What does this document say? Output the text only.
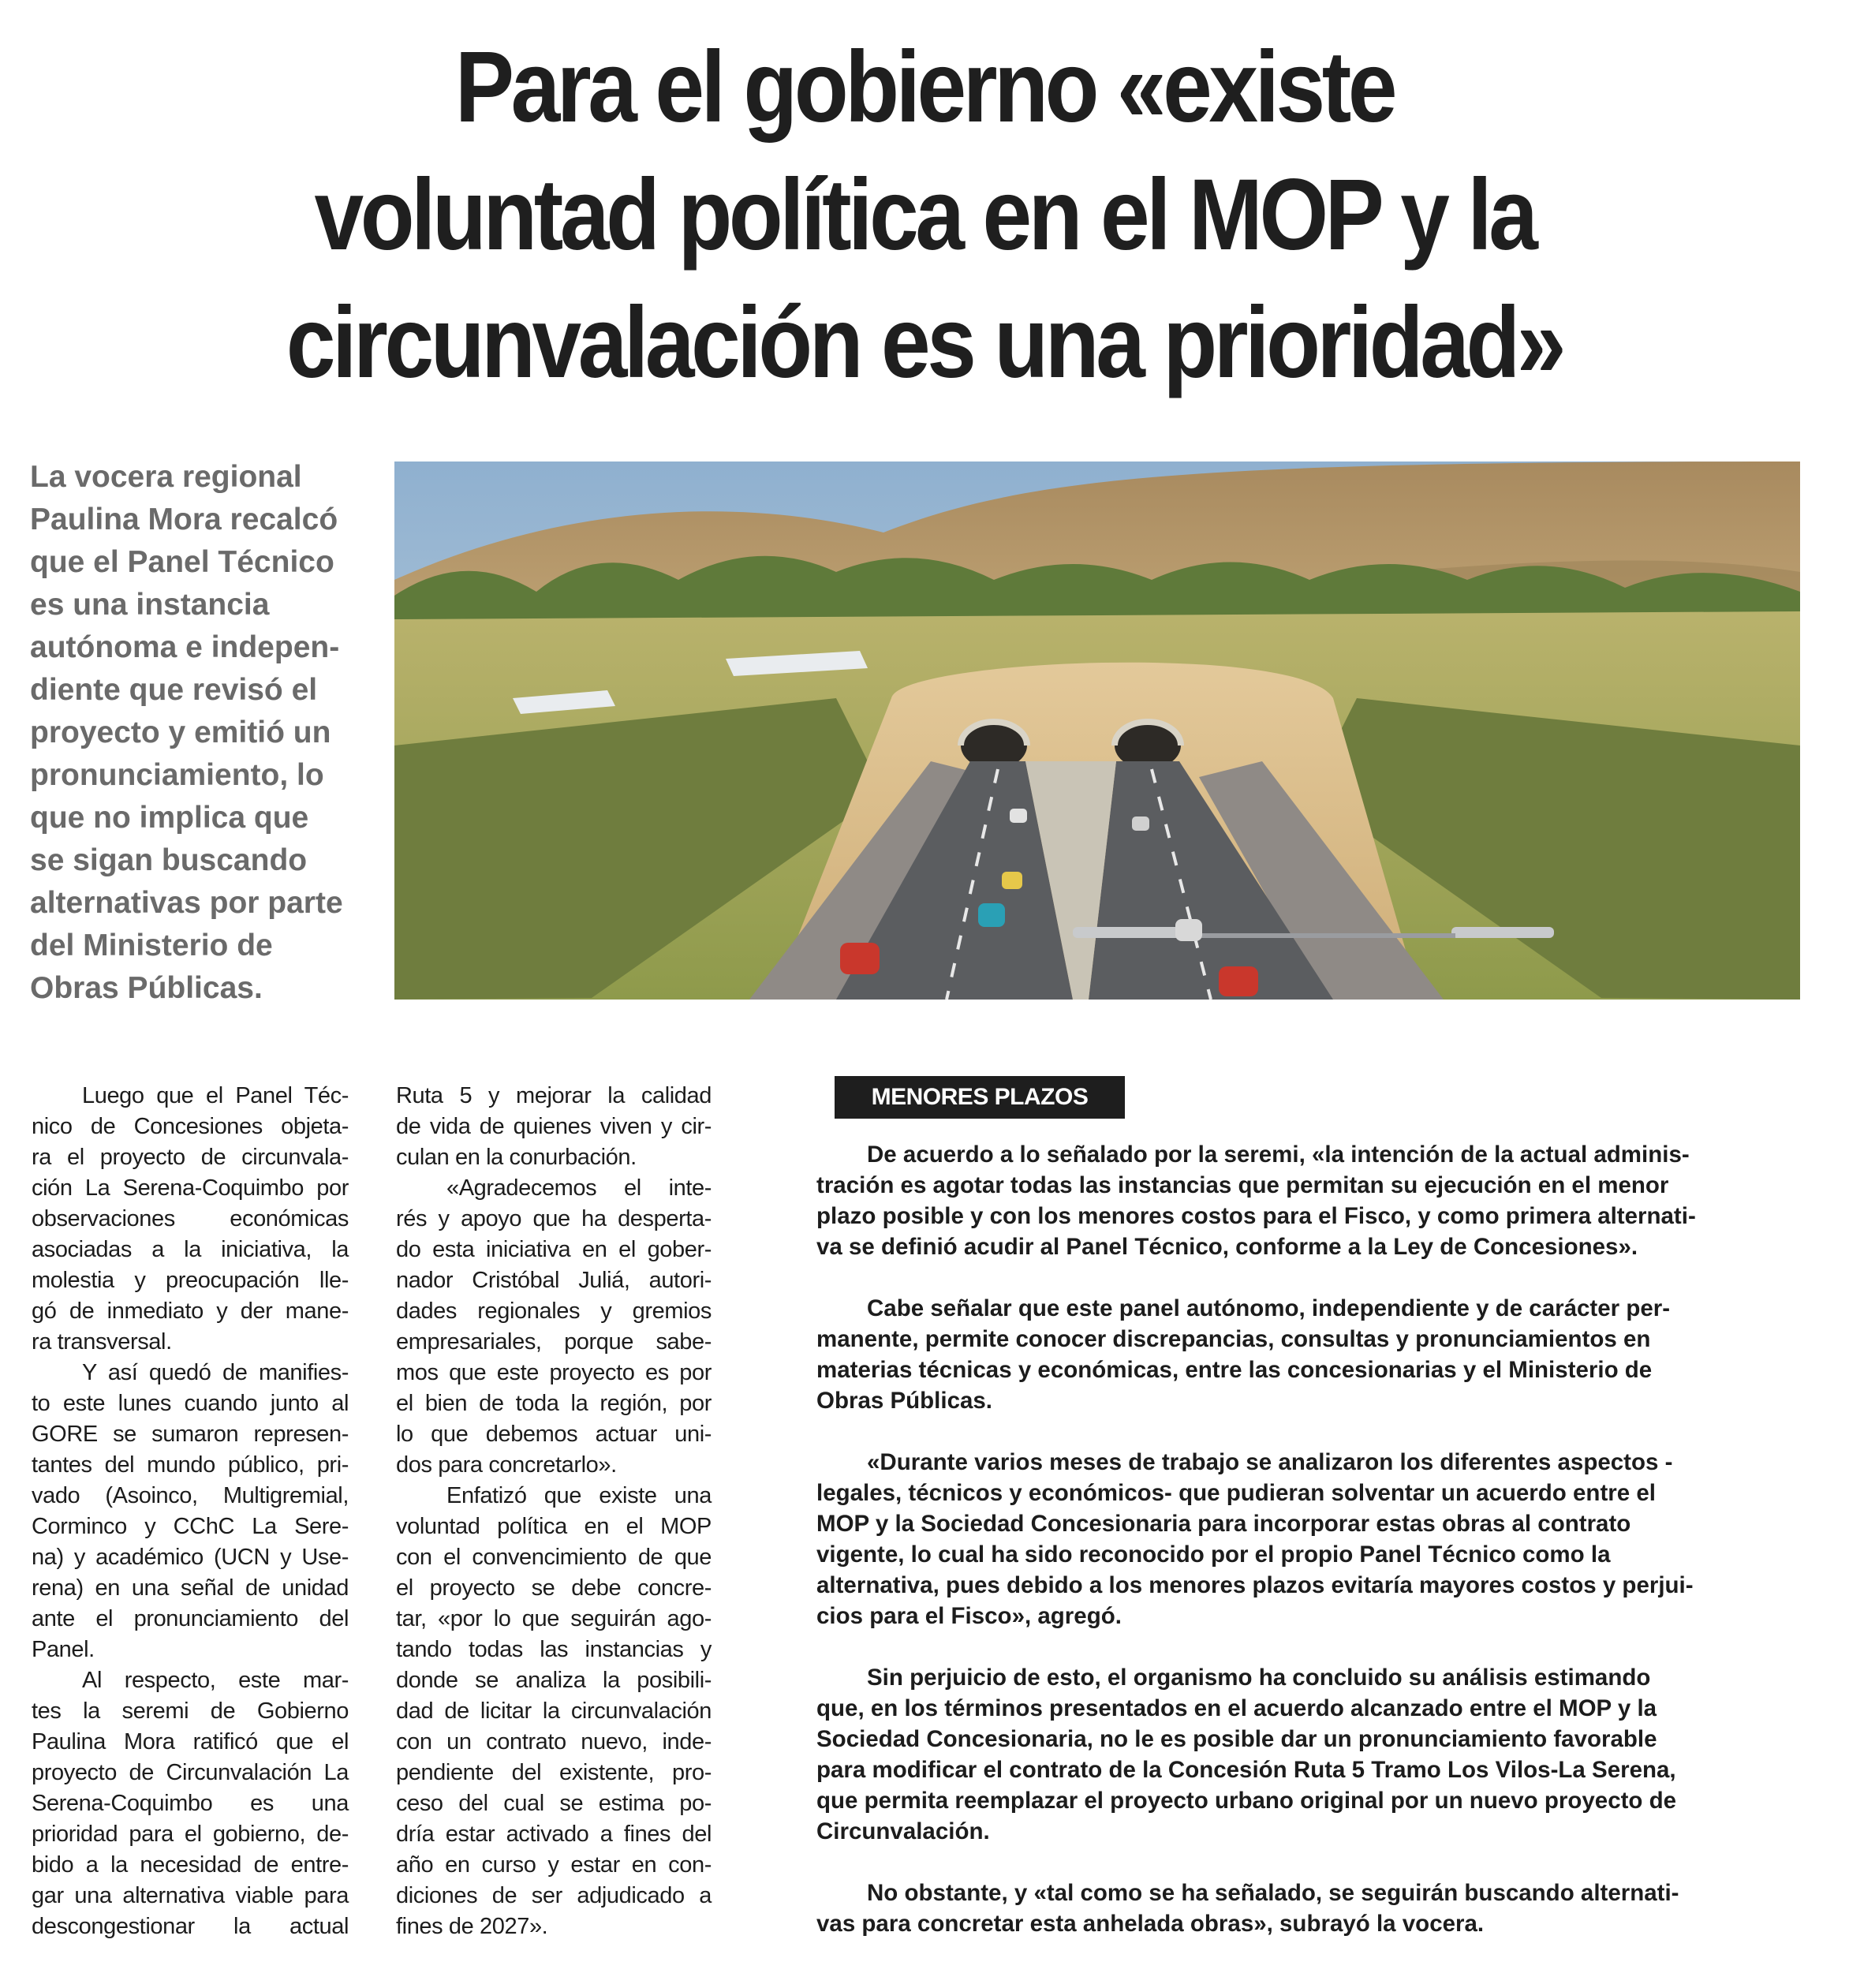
Para el gobierno «existe
voluntad política en el MOP y la
circunvalación es una prioridad»

La vocera regional
Paulina Mora recalcó
que el Panel Técnico
es una instancia
autónoma e indepen-
diente que revisó el
proyecto y emitió un
pronunciamiento, lo
que no implica que
se sigan buscando
alternativas por parte
del Ministerio de
Obras Públicas.

Luego que el Panel Téc-
nico de Concesiones objeta-
ra el proyecto de circunvala-
ción La Serena-Coquimbo por
observaciones económicas
asociadas a la iniciativa, la
molestia y preocupación lle-
gó de inmediato y der mane-
ra transversal.
Y así quedó de manifies-
to este lunes cuando junto al
GORE se sumaron represen-
tantes del mundo público, pri-
vado (Asoinco, Multigremial,
Corminco y CChC La Sere-
na) y académico (UCN y Use-
rena) en una señal de unidad
ante el pronunciamiento del
Panel.
Al respecto, este mar-
tes la seremi de Gobierno
Paulina Mora ratificó que el
proyecto de Circunvalación La
Serena-Coquimbo es una
prioridad para el gobierno, de-
bido a la necesidad de entre-
gar una alternativa viable para
descongestionar la actual

Ruta 5 y mejorar la calidad
de vida de quienes viven y cir-
culan en la conurbación.
«Agradecemos el inte-
rés y apoyo que ha desperta-
do esta iniciativa en el gober-
nador Cristóbal Juliá, autori-
dades regionales y gremios
empresariales, porque sabe-
mos que este proyecto es por
el bien de toda la región, por
lo que debemos actuar uni-
dos para concretarlo».
Enfatizó que existe una
voluntad política en el MOP
con el convencimiento de que
el proyecto se debe concre-
tar, «por lo que seguirán ago-
tando todas las instancias y
donde se analiza la posibili-
dad de licitar la circunvalación
con un contrato nuevo, inde-
pendiente del existente, pro-
ceso del cual se estima po-
dría estar activado a fines del
año en curso y estar en con-
diciones de ser adjudicado a
fines de 2027».

MENORES PLAZOS

De acuerdo a lo señalado por la seremi, «la intención de la actual adminis-
tración es agotar todas las instancias que permitan su ejecución en el menor
plazo posible y con los menores costos para el Fisco, y como primera alternati-
va se definió acudir al Panel Técnico, conforme a la Ley de Concesiones».

Cabe señalar que este panel autónomo, independiente y de carácter per-
manente, permite conocer discrepancias, consultas y pronunciamientos en
materias técnicas y económicas, entre las concesionarias y el Ministerio de
Obras Públicas.

«Durante varios meses de trabajo se analizaron los diferentes aspectos -
legales, técnicos y económicos- que pudieran solventar un acuerdo entre el
MOP y la Sociedad Concesionaria para incorporar estas obras al contrato
vigente, lo cual ha sido reconocido por el propio Panel Técnico como la
alternativa, pues debido a los menores plazos evitaría mayores costos y perjui-
cios para el Fisco», agregó.

Sin perjuicio de esto, el organismo ha concluido su análisis estimando
que, en los términos presentados en el acuerdo alcanzado entre el MOP y la
Sociedad Concesionaria, no le es posible dar un pronunciamiento favorable
para modificar el contrato de la Concesión Ruta 5 Tramo Los Vilos-La Serena,
que permita reemplazar el proyecto urbano original por un nuevo proyecto de
Circunvalación.

No obstante, y «tal como se ha señalado, se seguirán buscando alternati-
vas para concretar esta anhelada obras», subrayó la vocera.
